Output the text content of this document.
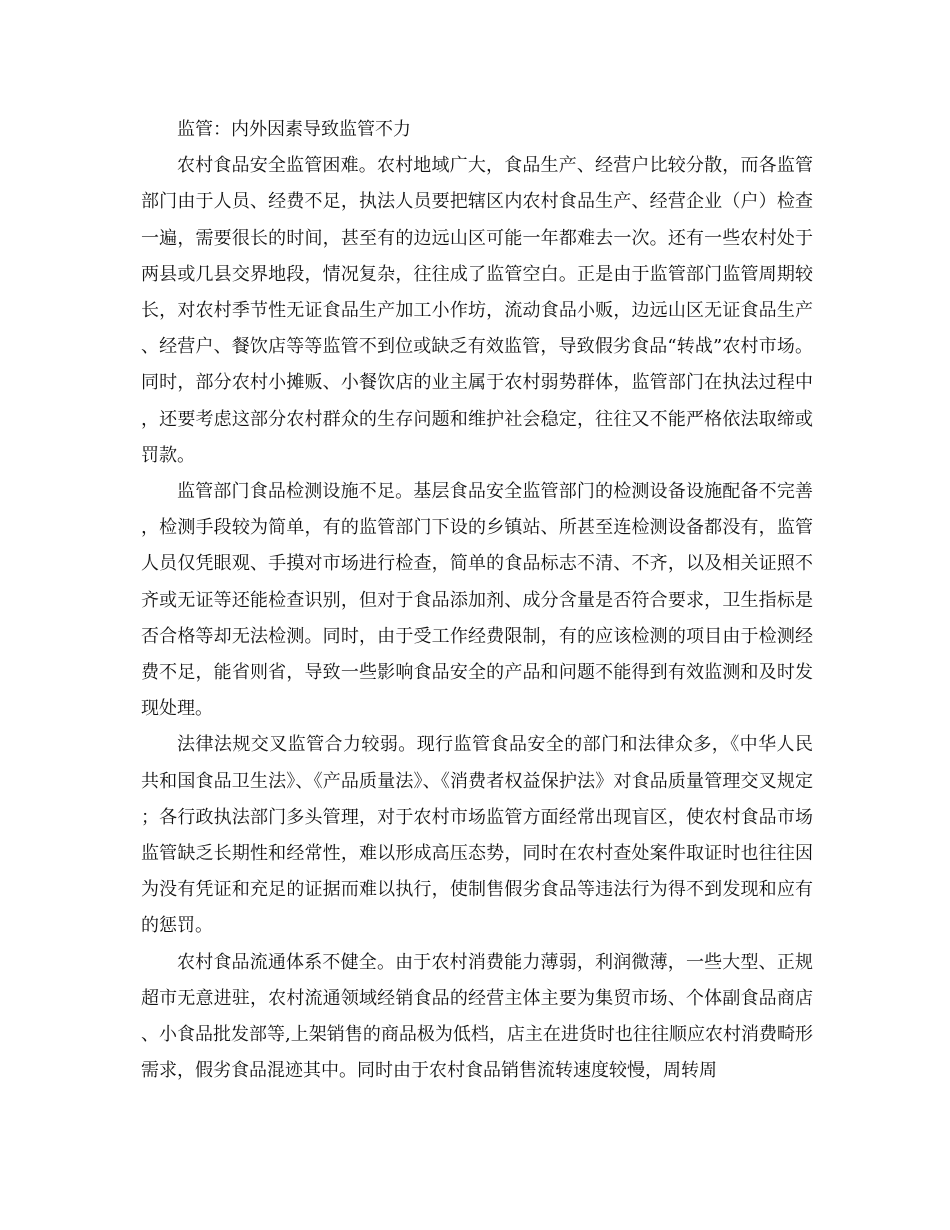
监管：内外因素导致监管不力

农村食品安全监管困难。农村地域广大，食品生产、经营户比较分散，而各监管部门由于人员、经费不足，执法人员要把辖区内农村食品生产、经营企业（户）检查一遍，需要很长的时间，甚至有的边远山区可能一年都难去一次。还有一些农村处于两县或几县交界地段，情况复杂，往往成了监管空白。正是由于监管部门监管周期较长，对农村季节性无证食品生产加工小作坊，流动食品小贩，边远山区无证食品生产、经营户、餐饮店等等监管不到位或缺乏有效监管，导致假劣食品“转战”农村市场。同时，部分农村小摊贩、小餐饮店的业主属于农村弱势群体，监管部门在执法过程中，还要考虑这部分农村群众的生存问题和维护社会稳定，往往又不能严格依法取缔或罚款。

监管部门食品检测设施不足。基层食品安全监管部门的检测设备设施配备不完善，检测手段较为简单，有的监管部门下设的乡镇站、所甚至连检测设备都没有，监管人员仅凭眼观、手摸对市场进行检查，简单的食品标志不清、不齐，以及相关证照不齐或无证等还能检查识别，但对于食品添加剂、成分含量是否符合要求，卫生指标是否合格等却无法检测。同时，由于受工作经费限制，有的应该检测的项目由于检测经费不足，能省则省，导致一些影响食品安全的产品和问题不能得到有效监测和及时发现处理。

法律法规交叉监管合力较弱。现行监管食品安全的部门和法律众多，《中华人民共和国食品卫生法》、《产品质量法》、《消费者权益保护法》对食品质量管理交叉规定；各行政执法部门多头管理，对于农村市场监管方面经常出现盲区，使农村食品市场监管缺乏长期性和经常性，难以形成高压态势，同时在农村查处案件取证时也往往因为没有凭证和充足的证据而难以执行，使制售假劣食品等违法行为得不到发现和应有的惩罚。

农村食品流通体系不健全。由于农村消费能力薄弱，利润微薄，一些大型、正规超市无意进驻，农村流通领域经销食品的经营主体主要为集贸市场、个体副食品商店、小食品批发部等,上架销售的商品极为低档，店主在进货时也往往顺应农村消费畸形需求，假劣食品混迹其中。同时由于农村食品销售流转速度较慢，周转周
